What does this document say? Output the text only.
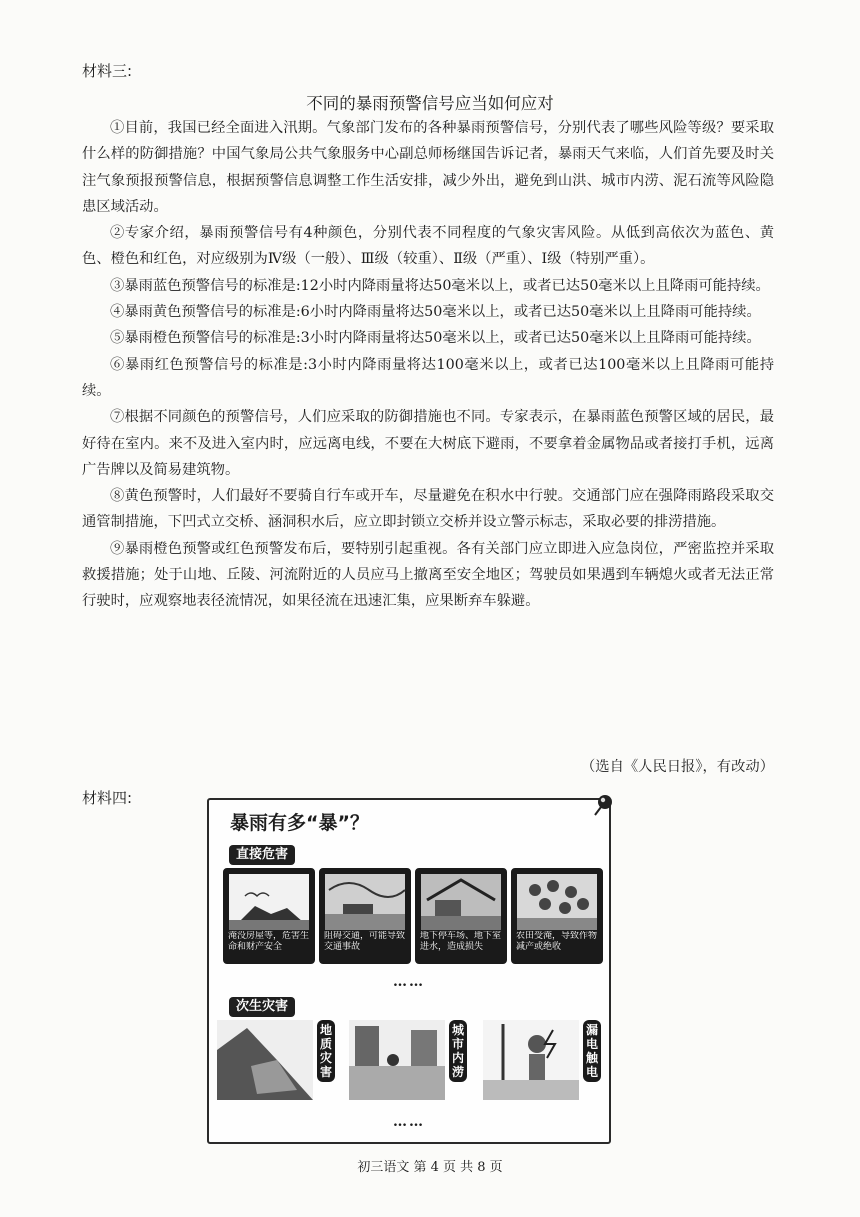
材料三:
不同的暴雨预警信号应当如何应对

①目前，我国已经全面进入汛期。气象部门发布的各种暴雨预警信号，分别代表了哪些风险等级？要采取什么样的防御措施？中国气象局公共气象服务中心副总师杨继国告诉记者，暴雨天气来临，人们首先要及时关注气象预报预警信息，根据预警信息调整工作生活安排，减少外出，避免到山洪、城市内涝、泥石流等风险隐患区域活动。

②专家介绍，暴雨预警信号有4种颜色，分别代表不同程度的气象灾害风险。从低到高依次为蓝色、黄色、橙色和红色，对应级别为Ⅳ级（一般）、Ⅲ级（较重）、Ⅱ级（严重）、Ⅰ级（特别严重）。

③暴雨蓝色预警信号的标准是:12小时内降雨量将达50毫米以上，或者已达50毫米以上且降雨可能持续。

④暴雨黄色预警信号的标准是:6小时内降雨量将达50毫米以上，或者已达50毫米以上且降雨可能持续。

⑤暴雨橙色预警信号的标准是:3小时内降雨量将达50毫米以上，或者已达50毫米以上且降雨可能持续。

⑥暴雨红色预警信号的标准是:3小时内降雨量将达100毫米以上，或者已达100毫米以上且降雨可能持续。

⑦根据不同颜色的预警信号，人们应采取的防御措施也不同。专家表示，在暴雨蓝色预警区域的居民，最好待在室内。来不及进入室内时，应远离电线，不要在大树底下避雨，不要拿着金属物品或者接打手机，远离广告牌以及简易建筑物。

⑧黄色预警时，人们最好不要骑自行车或开车，尽量避免在积水中行驶。交通部门应在强降雨路段采取交通管制措施，下凹式立交桥、涵洞积水后，应立即封锁立交桥并设立警示标志，采取必要的排涝措施。

⑨暴雨橙色预警或红色预警发布后，要特别引起重视。各有关部门应立即进入应急岗位，严密监控并采取救援措施；处于山地、丘陵、河流附近的人员应马上撤离至安全地区；驾驶员如果遇到车辆熄火或者无法正常行驶时，应观察地表径流情况，如果径流在迅速汇集，应果断弃车躲避。

（选自《人民日报》，有改动）
材料四:
暴雨有多“暴”？
直接危害
淹没房屋等，危害生命和财产安全
阻碍交通，可能导致交通事故
地下停车场、地下室进水，造成损失
农田受淹，导致作物减产或绝收
……
次生灾害
地质灾害
城市内涝
漏电触电
……
初三语文 第 4 页 共 8 页
